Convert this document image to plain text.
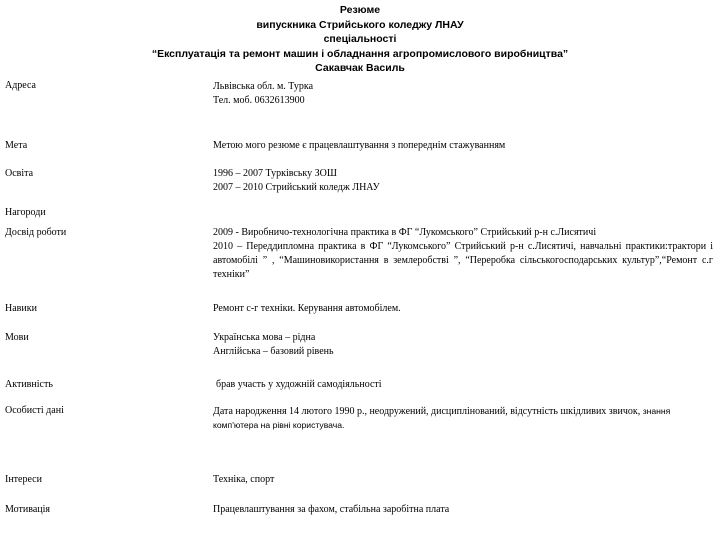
Резюме
випускника Стрийського коледжу ЛНАУ
спеціальності
“Експлуатація та ремонт машин і обладнання агропромислового виробництва”
Сакавчак Василь
Адреса	Львівська обл. м. Турка
Тел. моб. 0632613900
Мета	Метою мого резюме є працевлаштування з попереднім стажуванням
Освіта	1996 – 2007 Турківську ЗОШ
2007 – 2010 Стрийський коледж ЛНАУ
Нагороди
Досвід роботи	2009 - Виробничо-технологічна практика в ФГ “Лукомського” Стрийський р-н с.Лисятичі
2010 – Переддипломна практика в ФГ “Лукомського” Стрийський р-н с.Лисятичі, навчальні практики:трактори і автомобілі ” , “Машиновикористання в землеробстві ”, “Переробка сільськогосподарських культур”,“Ремонт с.г техніки”
Навики	Ремонт с-г техніки. Керування автомобілем.
Мови	Українська мова – рідна
Англійська – базовий рівень
Активність	брав участь у художній самодіяльності
Особисті дані	Дата народження 14 лютого 1990 р., неодружений, дисциплінований, відсутність шкідливих звичок, знання
комп'ютера на рівні користувача.
Інтереси	Техніка, спорт
Мотивація	Працевлаштування за фахом, стабільна заробітна плата
